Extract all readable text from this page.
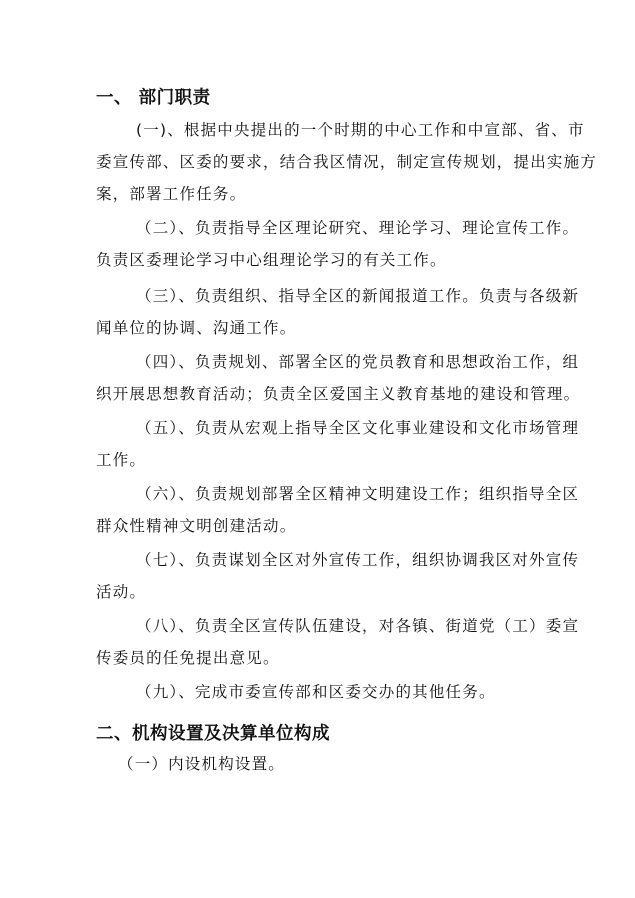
一、 部门职责

(一)、根据中央提出的一个时期的中心工作和中宣部、省、市
委宣传部、区委的要求，结合我区情况，制定宣传规划，提出实施方
案，部署工作任务。

（二）、负责指导全区理论研究、理论学习、理论宣传工作。
负责区委理论学习中心组理论学习的有关工作。

（三）、负责组织、指导全区的新闻报道工作。负责与各级新
闻单位的协调、沟通工作。

（四）、负责规划、部署全区的党员教育和思想政治工作，组
织开展思想教育活动；负责全区爱国主义教育基地的建设和管理。

（五）、负责从宏观上指导全区文化事业建设和文化市场管理
工作。

（六）、负责规划部署全区精神文明建设工作；组织指导全区
群众性精神文明创建活动。

（七）、负责谋划全区对外宣传工作，组织协调我区对外宣传
活动。

（八）、负责全区宣传队伍建设，对各镇、街道党（工）委宣
传委员的任免提出意见。

（九）、完成市委宣传部和区委交办的其他任务。

二、机构设置及决算单位构成
（一）内设机构设置。
